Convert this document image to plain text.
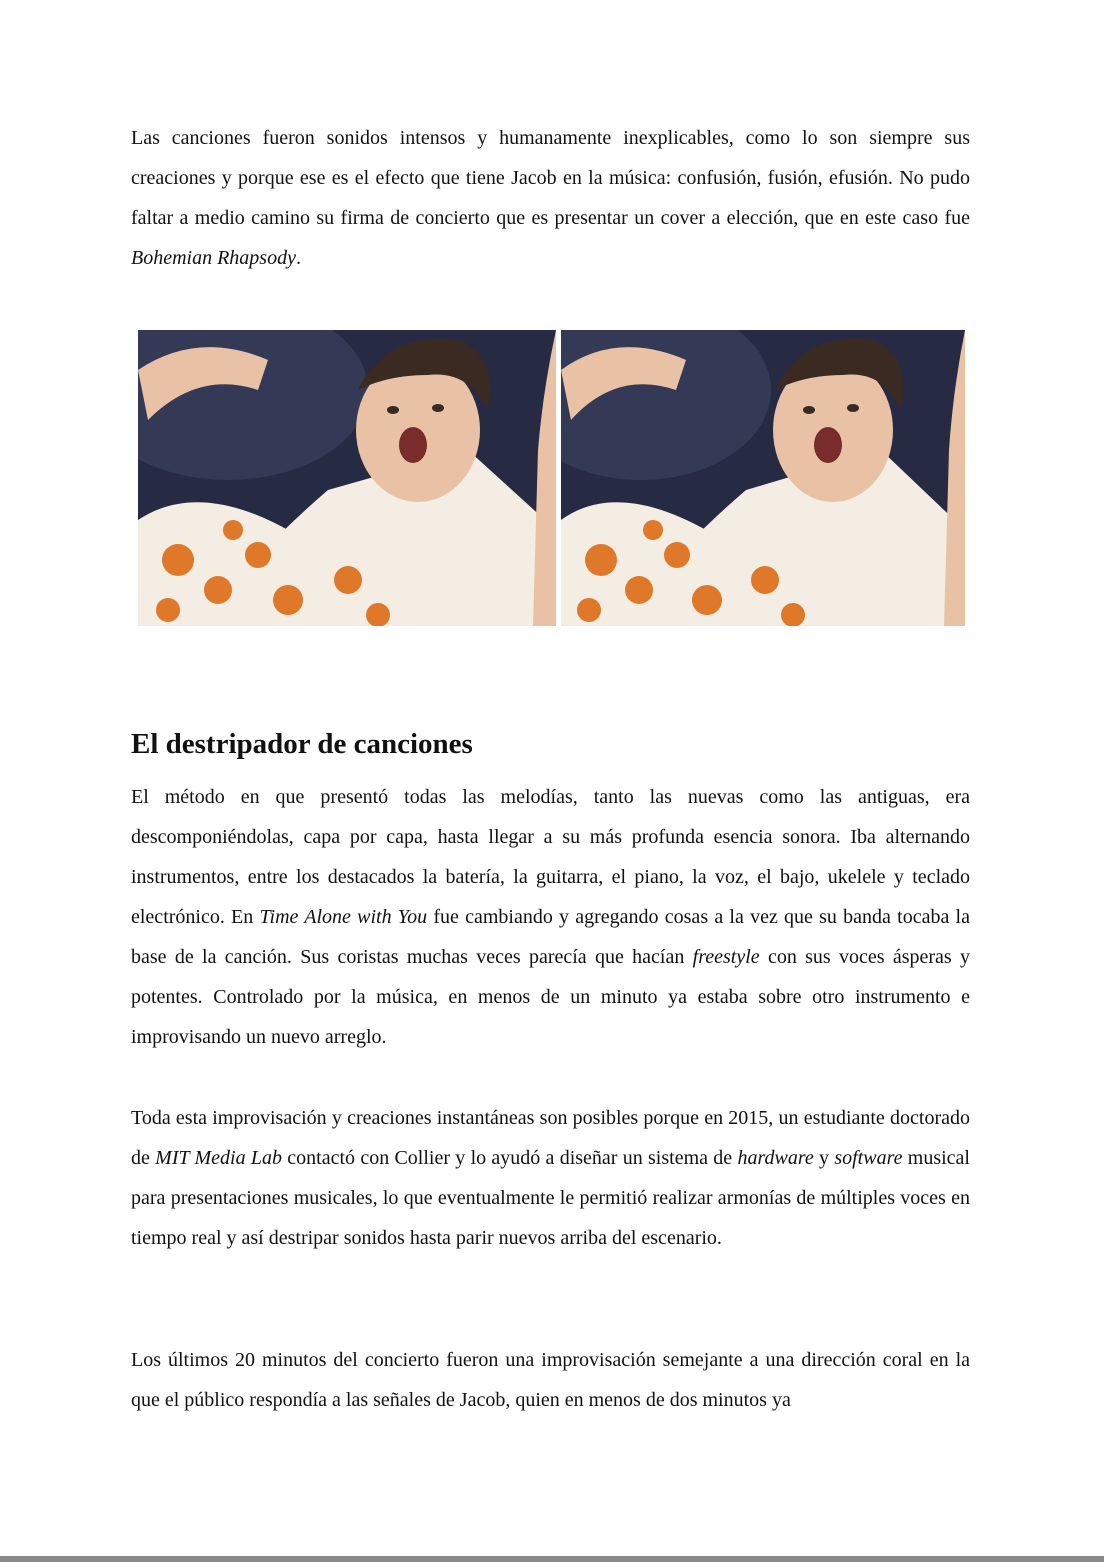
Las canciones fueron sonidos intensos y humanamente inexplicables, como lo son siempre sus creaciones y porque ese es el efecto que tiene Jacob en la música: confusión, fusión, efusión. No pudo faltar a medio camino su firma de concierto que es presentar un cover a elección, que en este caso fue Bohemian Rhapsody.

El destripador de canciones

El método en que presentó todas las melodías, tanto las nuevas como las antiguas, era descomponiéndolas, capa por capa, hasta llegar a su más profunda esencia sonora. Iba alternando instrumentos, entre los destacados la batería, la guitarra, el piano, la voz, el bajo, ukelele y teclado electrónico. En Time Alone with You fue cambiando y agregando cosas a la vez que su banda tocaba la base de la canción. Sus coristas muchas veces parecía que hacían freestyle con sus voces ásperas y potentes. Controlado por la música, en menos de un minuto ya estaba sobre otro instrumento e improvisando un nuevo arreglo.

Toda esta improvisación y creaciones instantáneas son posibles porque en 2015, un estudiante doctorado de MIT Media Lab contactó con Collier y lo ayudó a diseñar un sistema de hardware y software musical para presentaciones musicales, lo que eventualmente le permitió realizar armonías de múltiples voces en tiempo real y así destripar sonidos hasta parir nuevos arriba del escenario.

Los últimos 20 minutos del concierto fueron una improvisación semejante a una dirección coral en la que el público respondía a las señales de Jacob, quien en menos de dos minutos ya
